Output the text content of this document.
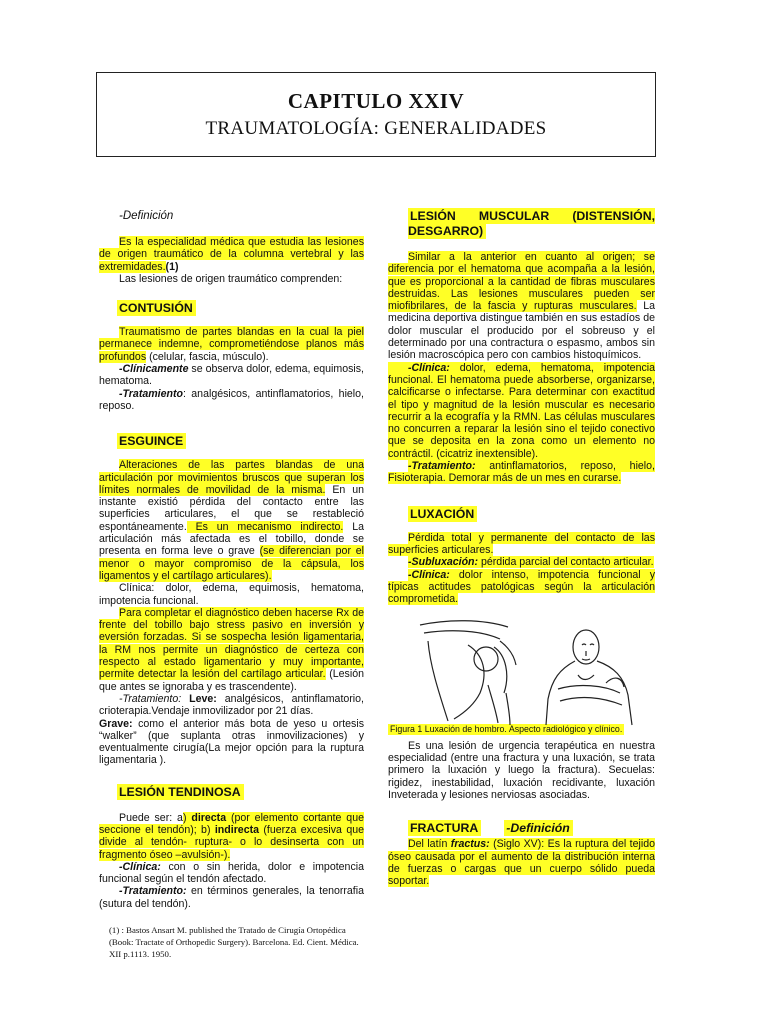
CAPITULO XXIV
TRAUMATOLOGÍA: GENERALIDADES
-Definición

Es la especialidad médica que estudia las lesiones de origen traumático de la columna vertebral y las extremidades.(1)

Las lesiones de origen traumático comprenden:

CONTUSIÓN

Traumatismo de partes blandas en la cual la piel permanece indemne, comprometiéndose planos más profundos (celular, fascia, músculo).

-Clínicamente se observa dolor, edema, equimosis, hematoma.

-Tratamiento: analgésicos, antinflamatorios, hielo, reposo.

ESGUINCE

Alteraciones de las partes blandas de una articulación por movimientos bruscos que superan los límites normales de movilidad de la misma. En un instante existió pérdida del contacto entre las superficies articulares, el que se restableció espontáneamente. Es un mecanismo indirecto. La articulación más afectada es el tobillo, donde se presenta en forma leve o grave (se diferencian por el menor o mayor compromiso de la cápsula, los ligamentos y el cartílago articulares).

Clínica: dolor, edema, equimosis, hematoma, impotencia funcional.

Para completar el diagnóstico deben hacerse Rx de frente del tobillo bajo stress pasivo en inversión y eversión forzadas. Si se sospecha lesión ligamentaria, la RM nos permite un diagnóstico de certeza con respecto al estado ligamentario y muy importante, permite detectar la lesión del cartílago articular. (Lesión que antes se ignoraba y es trascendente).

-Tratamiento: Leve: analgésicos, antinflamatorio, crioterapia.Vendaje inmovilizador por 21 días.

Grave: como el anterior más bota de yeso u ortesis “walker” (que suplanta otras inmovilizaciones) y eventualmente cirugía(La mejor opción para la ruptura ligamentaria ).

LESIÓN TENDINOSA

Puede ser: a) directa (por elemento cortante que seccione el tendón); b) indirecta (fuerza excesiva que divide al tendón- ruptura- o lo desinserta con un fragmento óseo –avulsión-).

-Clínica: con o sin herida, dolor e impotencia funcional según el tendón afectado.

-Tratamiento: en términos generales, la tenorrafia (sutura del tendón).

(1) : Bastos Ansart M. published the Tratado de Cirugía Ortopédica (Book: Tractate of Orthopedic Surgery). Barcelona. Ed. Cient. Médica. XII p.1113. 1950.
LESIÓN MUSCULAR (DISTENSIÓN, DESGARRO)

Similar a la anterior en cuanto al origen; se diferencia por el hematoma que acompaña a la lesión, que es proporcional a la cantidad de fibras musculares destruidas. Las lesiones musculares pueden ser miofibrilares, de la fascia y rupturas musculares. La medicina deportiva distingue también en sus estadíos de dolor muscular el producido por el sobreuso y el determinado por una contractura o espasmo, ambos sin lesión macroscópica pero con cambios histoquímicos.

-Clínica: dolor, edema, hematoma, impotencia funcional. El hematoma puede absorberse, organizarse, calcificarse o infectarse. Para determinar con exactitud el tipo y magnitud de la lesión muscular es necesario recurrir a la ecografía y la RMN. Las células musculares no concurren a reparar la lesión sino el tejido conectivo que se deposita en la zona como un elemento no contráctil. (cicatriz inextensible).

-Tratamiento: antinflamatorios, reposo, hielo, Fisioterapia. Demorar más de un mes en curarse.

LUXACIÓN

Pérdida total y permanente del contacto de las superficies articulares.

-Subluxación: pérdida parcial del contacto articular.

-Clínica: dolor intenso, impotencia funcional y típicas actitudes patológicas según la articulación comprometida.

Figura 1 Luxación de hombro. Aspecto radiológico y clínico.

Es una lesión de urgencia terapéutica en nuestra especialidad (entre una fractura y una luxación, se trata primero la luxación y luego la fractura). Secuelas: rigidez, inestabilidad, luxación recidivante, luxación Inveterada y lesiones nerviosas asociadas.

FRACTURA -Definición

Del latín fractus: (Siglo XV): Es la ruptura del tejido óseo causada por el aumento de la distribución interna de fuerzas o cargas que un cuerpo sólido pueda soportar.
